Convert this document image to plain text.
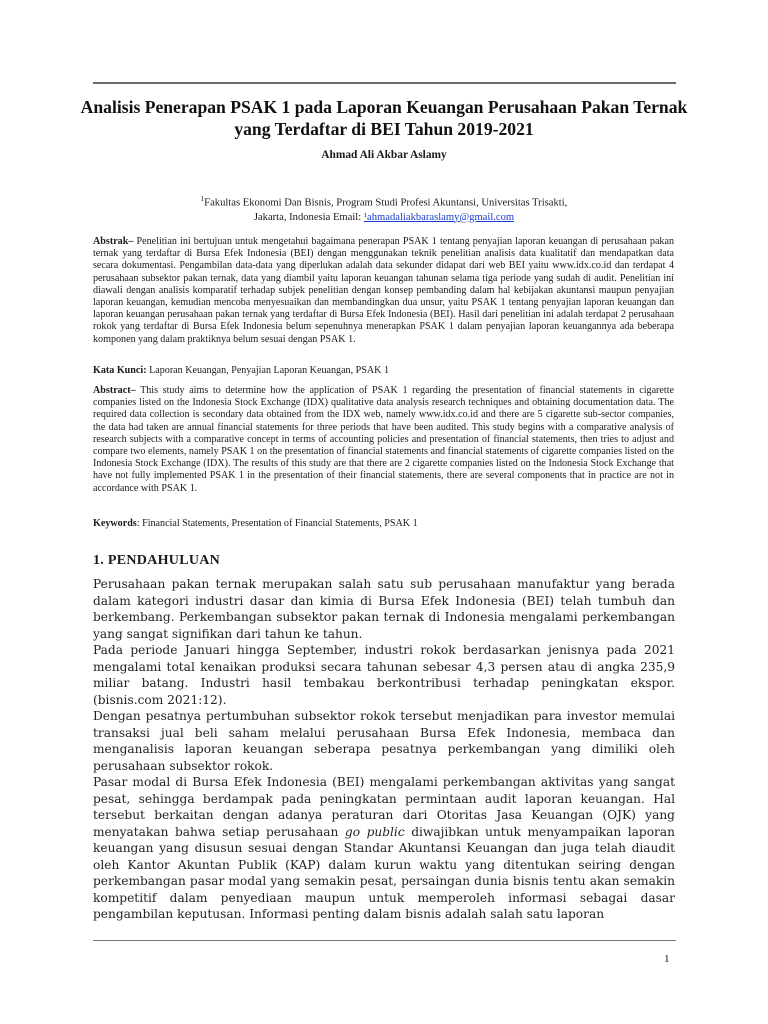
Analisis Penerapan PSAK 1 pada Laporan Keuangan Perusahaan Pakan Ternak yang Terdaftar di BEI Tahun 2019-2021
Ahmad Ali Akbar Aslamy
$^1$Fakultas Ekonomi Dan Bisnis, Program Studi Profesi Akuntansi, Universitas Trisakti,
Jakarta, Indonesia Email: ¹ahmadaliakbaraslamy@gmail.com
Abstrak– Penelitian ini bertujuan untuk mengetahui bagaimana penerapan PSAK 1 tentang penyajian laporan keuangan di perusahaan pakan ternak yang terdaftar di Bursa Efek Indonesia (BEI) dengan menggunakan teknik penelitian analisis data kualitatif dan mendapatkan data secara dokumentasi. Pengambilan data-data yang diperlukan adalah data sekunder didapat dari web BEI yaitu www.idx.co.id dan terdapat 4 perusahaan subsektor pakan ternak, data yang diambil yaitu laporan keuangan tahunan selama tiga periode yang sudah di audit. Penelitian ini diawali dengan analisis komparatif terhadap subjek penelitian dengan konsep pembanding dalam hal kebijakan akuntansi maupun penyajian laporan keuangan, kemudian mencoba menyesuaikan dan membandingkan dua unsur, yaitu PSAK 1 tentang penyajian laporan keuangan dan laporan keuangan perusahaan pakan ternak yang terdaftar di Bursa Efek Indonesia (BEI). Hasil dari penelitian ini adalah terdapat 2 perusahaan rokok yang terdaftar di Bursa Efek Indonesia belum sepenuhnya menerapkan PSAK 1 dalam penyajian laporan keuangannya ada beberapa komponen yang dalam praktiknya belum sesuai dengan PSAK 1.
Kata Kunci: Laporan Keuangan, Penyajian Laporan Keuangan, PSAK 1
Abstract– This study aims to determine how the application of PSAK 1 regarding the presentation of financial statements in cigarette companies listed on the Indonesia Stock Exchange (IDX) qualitative data analysis research techniques and obtaining documentation data. The required data collection is secondary data obtained from the IDX web, namely www.idx.co.id and there are 5 cigarette sub-sector companies, the data had taken are annual financial statements for three periods that have been audited. This study begins with a comparative analysis of research subjects with a comparative concept in terms of accounting policies and presentation of financial statements, then tries to adjust and compare two elements, namely PSAK 1 on the presentation of financial statements and financial statements of cigarette companies listed on the Indonesia Stock Exchange (IDX). The results of this study are that there are 2 cigarette companies listed on the Indonesia Stock Exchange that have not fully implemented PSAK 1 in the presentation of their financial statements, there are several components that in practice are not in accordance with PSAK 1.
Keywords: Financial Statements, Presentation of Financial Statements, PSAK 1
1. PENDAHULUAN

Perusahaan pakan ternak merupakan salah satu sub perusahaan manufaktur yang berada dalam kategori industri dasar dan kimia di Bursa Efek Indonesia (BEI) telah tumbuh dan berkembang. Perkembangan subsektor pakan ternak di Indonesia mengalami perkembangan yang sangat signifikan dari tahun ke tahun.

Pada periode Januari hingga September, industri rokok berdasarkan jenisnya pada 2021 mengalami total kenaikan produksi secara tahunan sebesar 4,3 persen atau di angka 235,9 miliar batang. Industri hasil tembakau berkontribusi terhadap peningkatan ekspor. (bisnis.com 2021:12).

Dengan pesatnya pertumbuhan subsektor rokok tersebut menjadikan para investor memulai transaksi jual beli saham melalui perusahaan Bursa Efek Indonesia, membaca dan menganalisis laporan keuangan seberapa pesatnya perkembangan yang dimiliki oleh perusahaan subsektor rokok.

Pasar modal di Bursa Efek Indonesia (BEI) mengalami perkembangan aktivitas yang sangat pesat, sehingga berdampak pada peningkatan permintaan audit laporan keuangan. Hal tersebut berkaitan dengan adanya peraturan dari Otoritas Jasa Keuangan (OJK) yang menyatakan bahwa setiap perusahaan go public diwajibkan untuk menyampaikan laporan keuangan yang disusun sesuai dengan Standar Akuntansi Keuangan dan juga telah diaudit oleh Kantor Akuntan Publik (KAP) dalam kurun waktu yang ditentukan seiring dengan perkembangan pasar modal yang semakin pesat, persaingan dunia bisnis tentu akan semakin kompetitif dalam penyediaan maupun untuk memperoleh informasi sebagai dasar pengambilan keputusan. Informasi penting dalam bisnis adalah salah satu laporan

1
